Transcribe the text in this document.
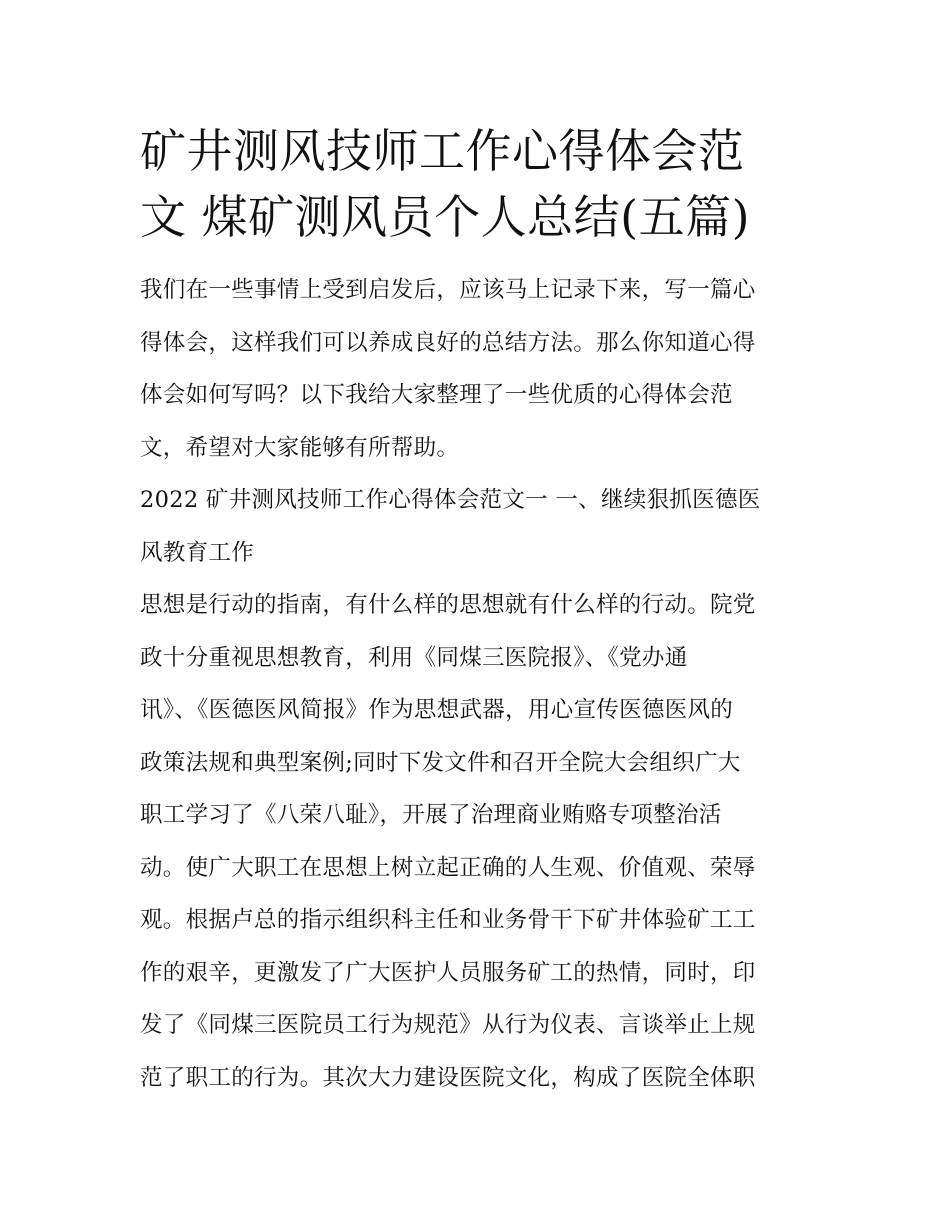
矿井测风技师工作心得体会范
文 煤矿测风员个人总结(五篇)

我们在一些事情上受到启发后，应该马上记录下来，写一篇心
得体会，这样我们可以养成良好的总结方法。那么你知道心得
体会如何写吗？以下我给大家整理了一些优质的心得体会范
文，希望对大家能够有所帮助。

2022 矿井测风技师工作心得体会范文一 一、继续狠抓医德医
风教育工作

思想是行动的指南，有什么样的思想就有什么样的行动。院党
政十分重视思想教育，利用《同煤三医院报》、《党办通
讯》、《医德医风简报》作为思想武器，用心宣传医德医风的
政策法规和典型案例;同时下发文件和召开全院大会组织广大
职工学习了《八荣八耻》，开展了治理商业贿赂专项整治活
动。使广大职工在思想上树立起正确的人生观、价值观、荣辱
观。根据卢总的指示组织科主任和业务骨干下矿井体验矿工工
作的艰辛，更激发了广大医护人员服务矿工的热情，同时，印
发了《同煤三医院员工行为规范》从行为仪表、言谈举止上规
范了职工的行为。其次大力建设医院文化，构成了医院全体职
